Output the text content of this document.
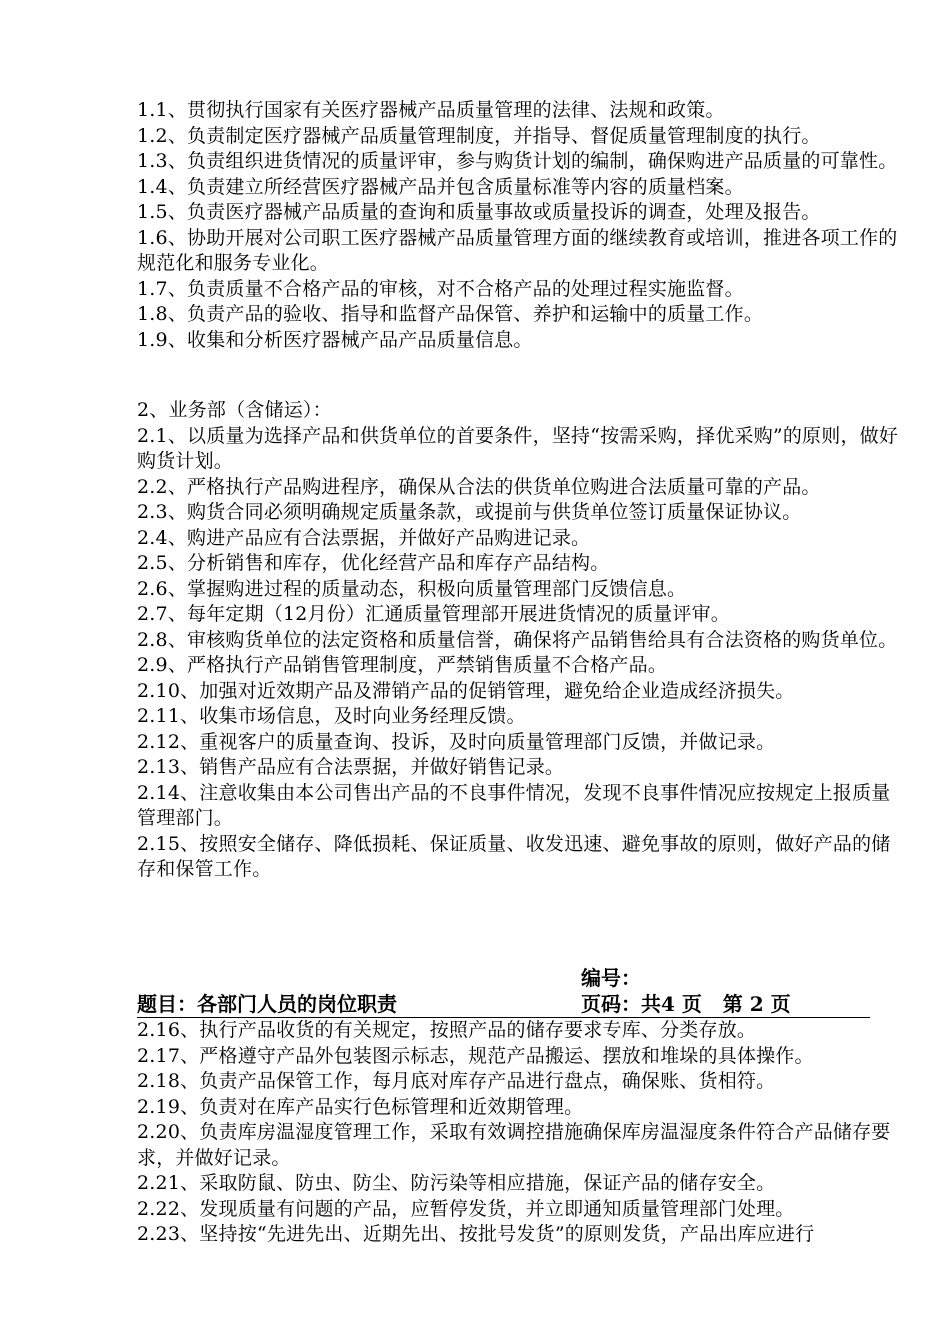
1.1、贯彻执行国家有关医疗器械产品质量管理的法律、法规和政策。
1.2、负责制定医疗器械产品质量管理制度，并指导、督促质量管理制度的执行。
1.3、负责组织进货情况的质量评审，参与购货计划的编制，确保购进产品质量的可靠性。
1.4、负责建立所经营医疗器械产品并包含质量标准等内容的质量档案。
1.5、负责医疗器械产品质量的查询和质量事故或质量投诉的调查，处理及报告。
1.6、协助开展对公司职工医疗器械产品质量管理方面的继续教育或培训，推进各项工作的规范化和服务专业化。
1.7、负责质量不合格产品的审核，对不合格产品的处理过程实施监督。
1.8、负责产品的验收、指导和监督产品保管、养护和运输中的质量工作。
1.9、收集和分析医疗器械产品产品质量信息。
2、业务部（含储运）：
2.1、以质量为选择产品和供货单位的首要条件，坚持“按需采购，择优采购”的原则，做好购货计划。
2.2、严格执行产品购进程序，确保从合法的供货单位购进合法质量可靠的产品。
2.3、购货合同必须明确规定质量条款，或提前与供货单位签订质量保证协议。
2.4、购进产品应有合法票据，并做好产品购进记录。
2.5、分析销售和库存，优化经营产品和库存产品结构。
2.6、掌握购进过程的质量动态，积极向质量管理部门反馈信息。
2.7、每年定期（12月份）汇通质量管理部开展进货情况的质量评审。
2.8、审核购货单位的法定资格和质量信誉，确保将产品销售给具有合法资格的购货单位。
2.9、严格执行产品销售管理制度，严禁销售质量不合格产品。
2.10、加强对近效期产品及滞销产品的促销管理，避免给企业造成经济损失。
2.11、收集市场信息，及时向业务经理反馈。
2.12、重视客户的质量查询、投诉，及时向质量管理部门反馈，并做记录。
2.13、销售产品应有合法票据，并做好销售记录。
2.14、注意收集由本公司售出产品的不良事件情况，发现不良事件情况应按规定上报质量管理部门。
2.15、按照安全储存、降低损耗、保证质量、收发迅速、避免事故的原则，做好产品的储存和保管工作。
编号：
题目：各部门人员的岗位职责	页码：共4 页   第 2 页
2.16、执行产品收货的有关规定，按照产品的储存要求专库、分类存放。
2.17、严格遵守产品外包装图示标志，规范产品搬运、摆放和堆垛的具体操作。
2.18、负责产品保管工作，每月底对库存产品进行盘点，确保账、货相符。
2.19、负责对在库产品实行色标管理和近效期管理。
2.20、负责库房温湿度管理工作，采取有效调控措施确保库房温湿度条件符合产品储存要求，并做好记录。
2.21、采取防鼠、防虫、防尘、防污染等相应措施，保证产品的储存安全。
2.22、发现质量有问题的产品，应暂停发货，并立即通知质量管理部门处理。
2.23、坚持按“先进先出、近期先出、按批号发货”的原则发货，产品出库应进行
